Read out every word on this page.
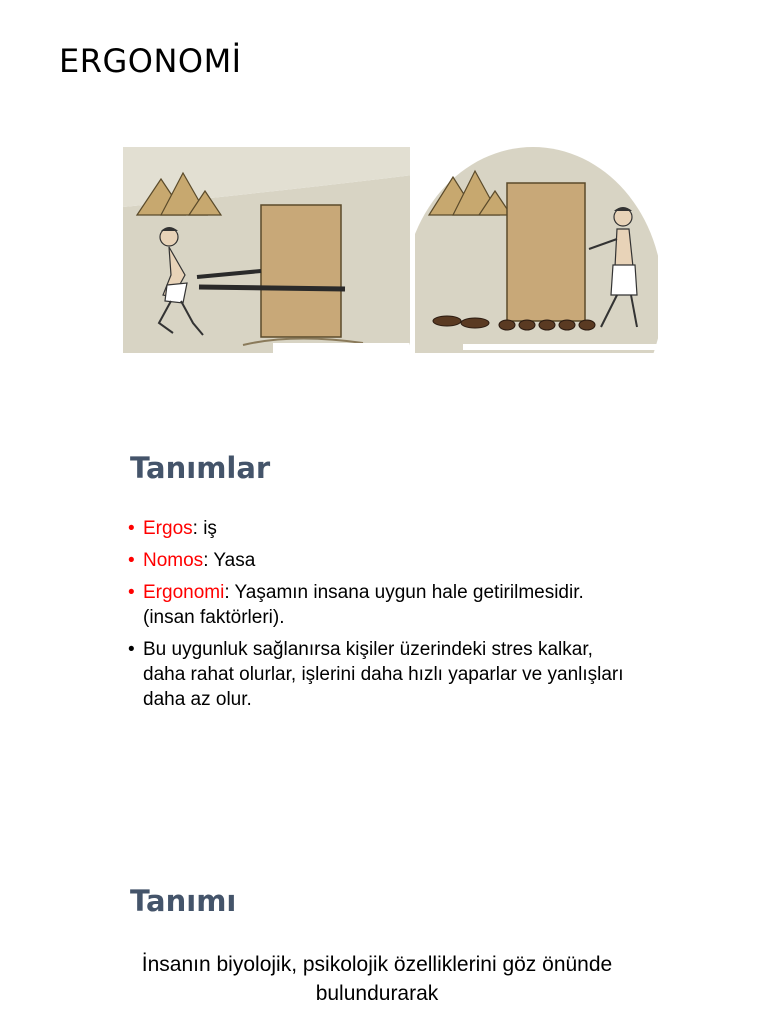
ERGONOMİ
Tanımlar
• Ergos: iş
• Nomos: Yasa
• Ergonomi: Yaşamın insana uygun hale getirilmesidir. (insan faktörleri).
• Bu uygunluk sağlanırsa kişiler üzerindeki stres kalkar, daha rahat olurlar, işlerini daha hızlı yaparlar ve yanlışları daha az olur.
Tanımı
İnsanın biyolojik, psikolojik özelliklerini göz önünde
bulundurarak
